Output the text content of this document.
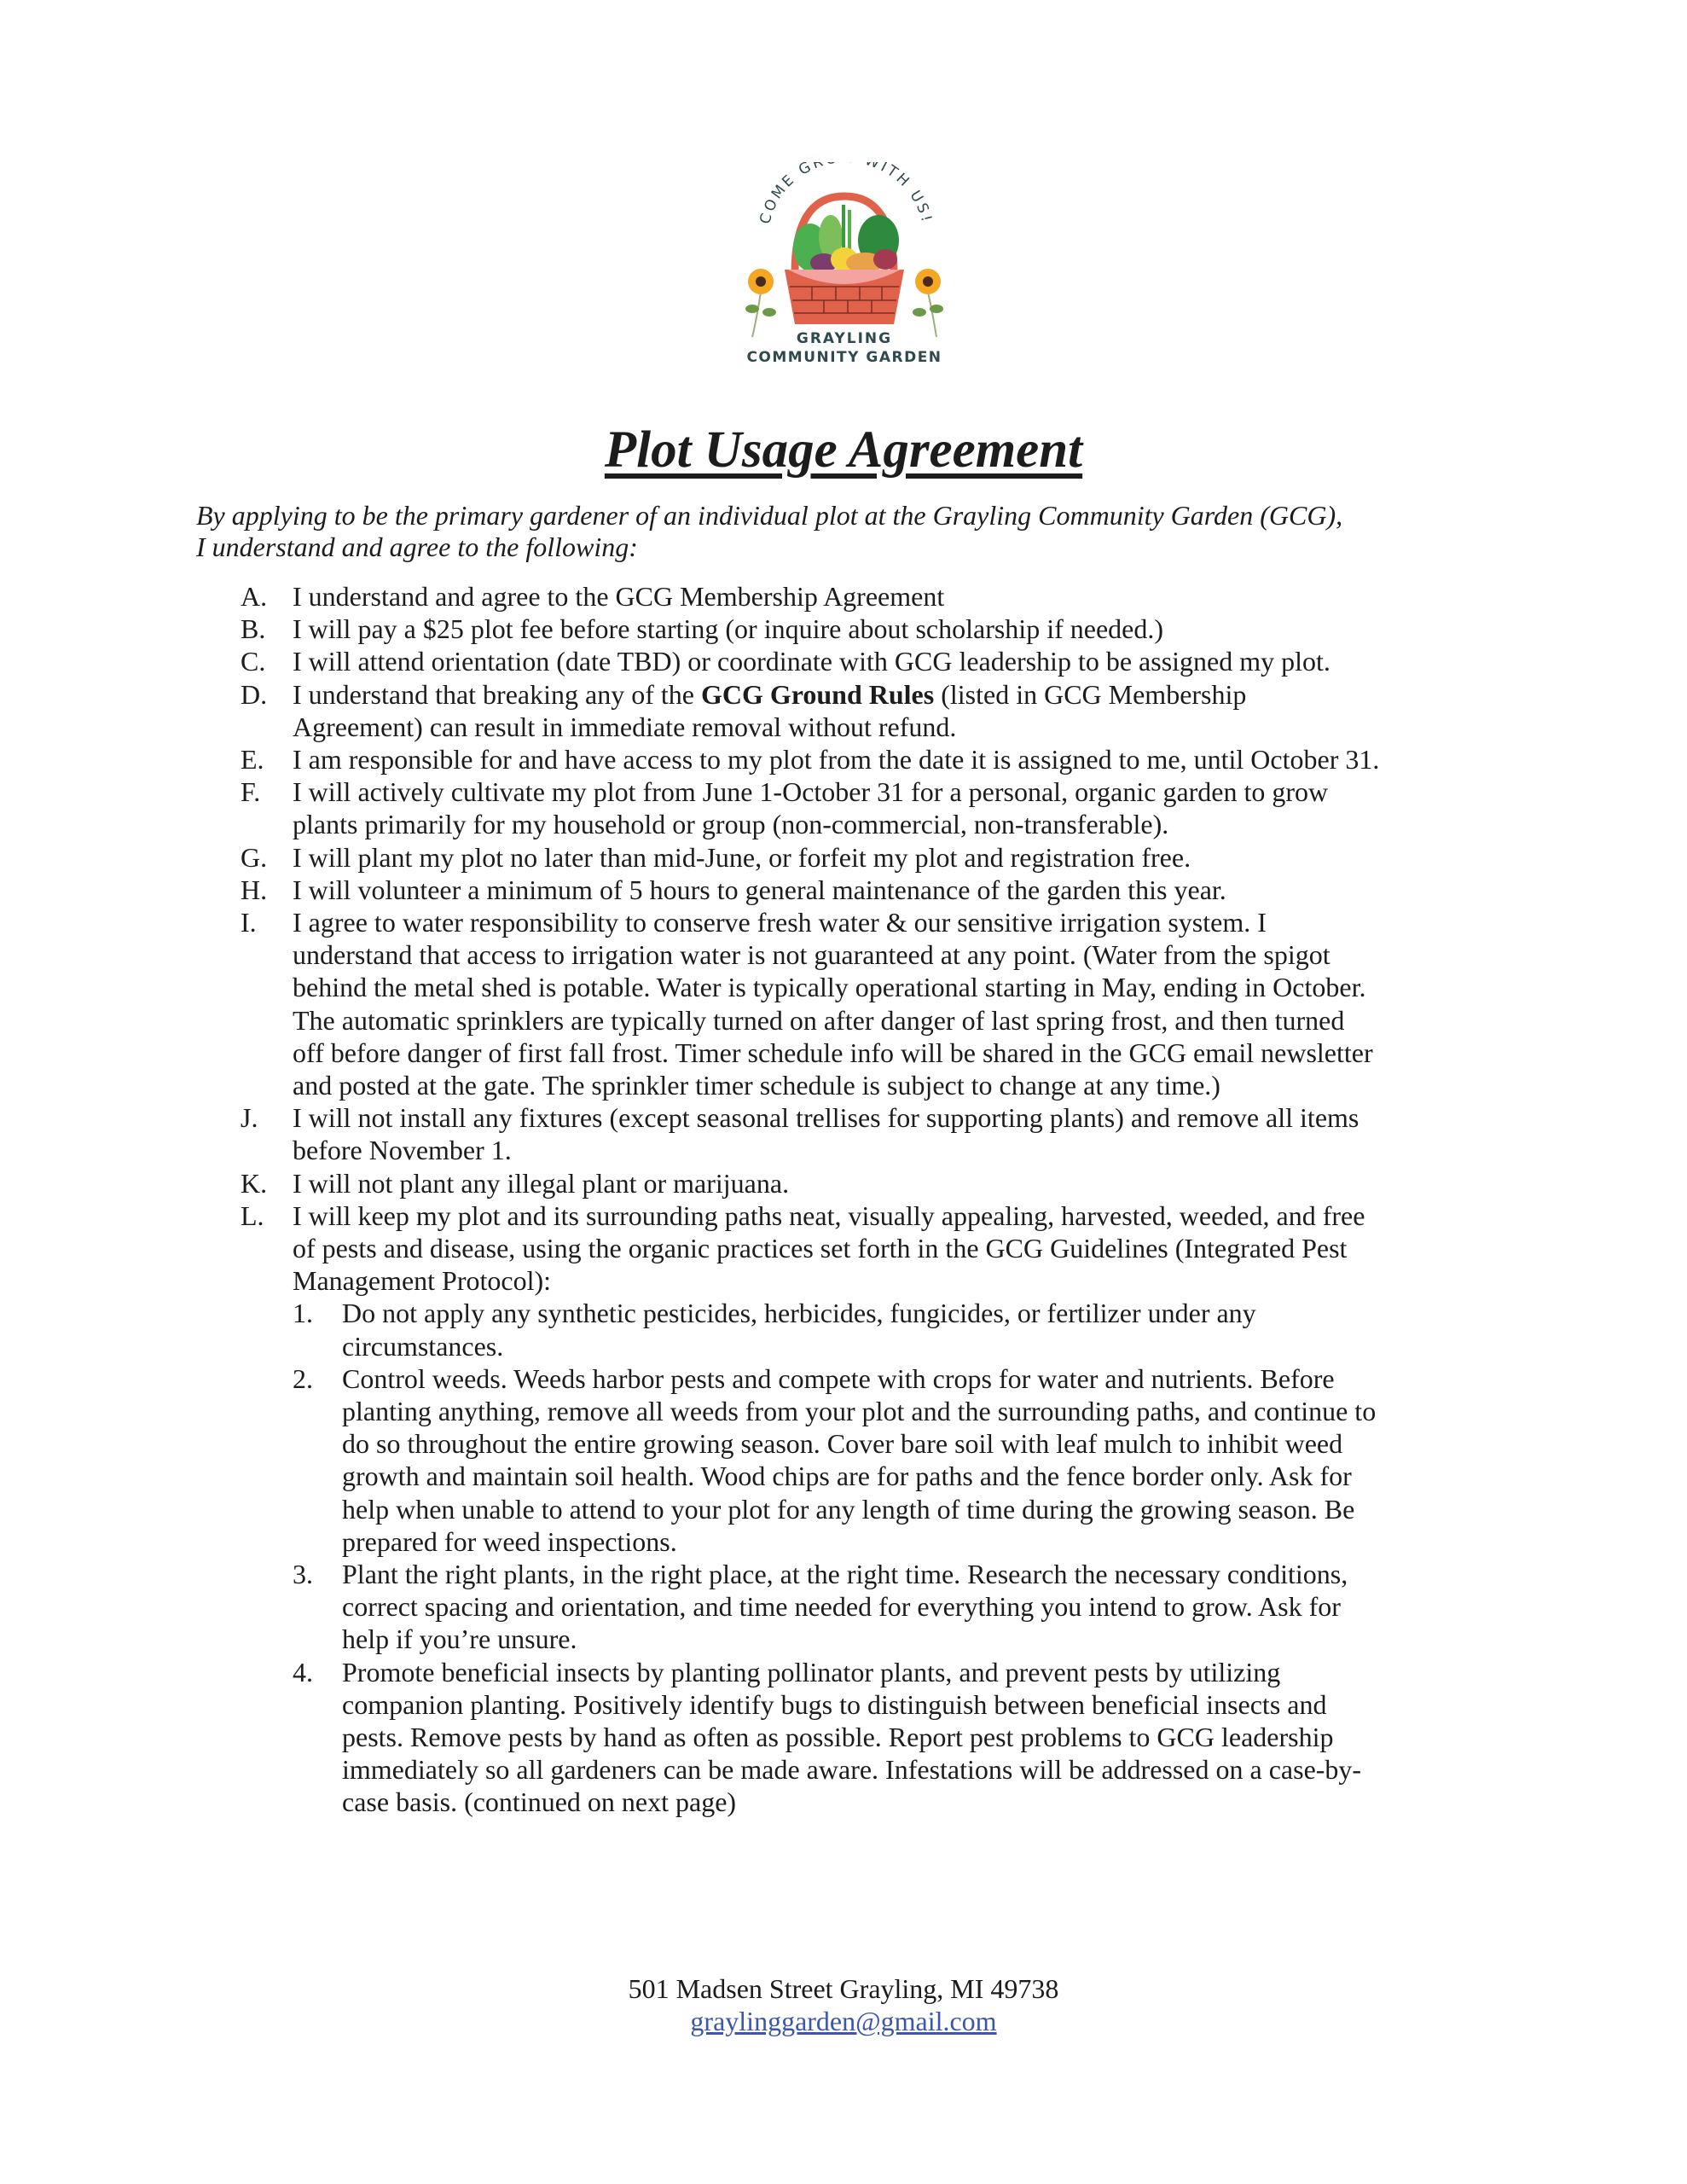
COME GR WITH US!
GRAYLING
COMMUNITY GARDEN
Plot Usage Agreement
By applying to be the primary gardener of an individual plot at the Grayling Community Garden (GCG),
I understand and agree to the following:
A. I understand and agree to the GCG Membership Agreement
B. I will pay a $25 plot fee before starting (or inquire about scholarship if needed.)
C. I will attend orientation (date TBD) or coordinate with GCG leadership to be assigned my plot.
D. I understand that breaking any of the GCG Ground Rules (listed in GCG Membership
Agreement) can result in immediate removal without refund.
E. I am responsible for and have access to my plot from the date it is assigned to me, until October 31.
F. I will actively cultivate my plot from June 1-October 31 for a personal, organic garden to grow
plants primarily for my household or group (non-commercial, non-transferable).
G. I will plant my plot no later than mid-June, or forfeit my plot and registration free.
H. I will volunteer a minimum of 5 hours to general maintenance of the garden this year.
I. I agree to water responsibility to conserve fresh water & our sensitive irrigation system. I
understand that access to irrigation water is not guaranteed at any point. (Water from the spigot
behind the metal shed is potable. Water is typically operational starting in May, ending in October.
The automatic sprinklers are typically turned on after danger of last spring frost, and then turned
off before danger of first fall frost. Timer schedule info will be shared in the GCG email newsletter
and posted at the gate. The sprinkler timer schedule is subject to change at any time.)
J. I will not install any fixtures (except seasonal trellises for supporting plants) and remove all items
before November 1.
K. I will not plant any illegal plant or marijuana.
L. I will keep my plot and its surrounding paths neat, visually appealing, harvested, weeded, and free
of pests and disease, using the organic practices set forth in the GCG Guidelines (Integrated Pest
Management Protocol):
1. Do not apply any synthetic pesticides, herbicides, fungicides, or fertilizer under any
circumstances.
2. Control weeds. Weeds harbor pests and compete with crops for water and nutrients. Before
planting anything, remove all weeds from your plot and the surrounding paths, and continue to
do so throughout the entire growing season. Cover bare soil with leaf mulch to inhibit weed
growth and maintain soil health. Wood chips are for paths and the fence border only. Ask for
help when unable to attend to your plot for any length of time during the growing season. Be
prepared for weed inspections.
3. Plant the right plants, in the right place, at the right time. Research the necessary conditions,
correct spacing and orientation, and time needed for everything you intend to grow. Ask for
help if you’re unsure.
4. Promote beneficial insects by planting pollinator plants, and prevent pests by utilizing
companion planting. Positively identify bugs to distinguish between beneficial insects and
pests. Remove pests by hand as often as possible. Report pest problems to GCG leadership
immediately so all gardeners can be made aware. Infestations will be addressed on a case-by-
case basis. (continued on next page)
501 Madsen Street Grayling, MI 49738
graylinggarden@gmail.com
